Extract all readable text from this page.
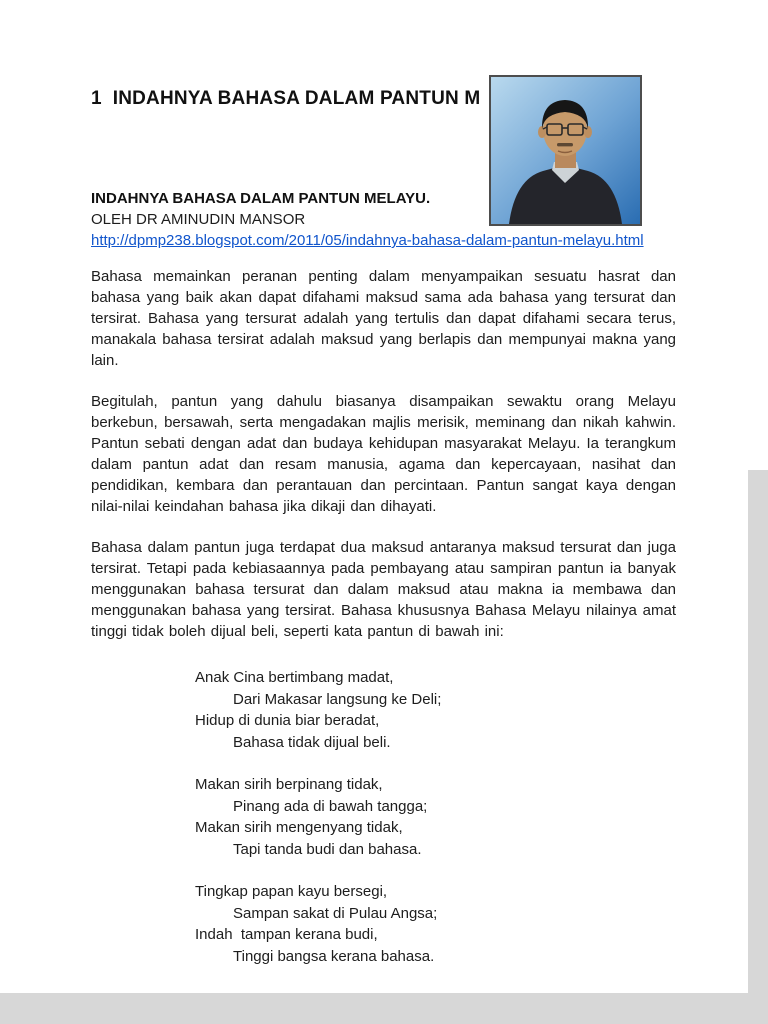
1  INDAHNYA BAHASA DALAM PANTUN M
INDAHNYA BAHASA DALAM PANTUN MELAYU.
OLEH DR AMINUDIN MANSOR
http://dpmp238.blogspot.com/2011/05/indahnya-bahasa-dalam-pantun-melayu.html

Bahasa memainkan peranan penting dalam menyampaikan sesuatu hasrat dan bahasa yang baik akan dapat difahami maksud sama ada bahasa yang tersurat dan tersirat. Bahasa yang tersurat adalah yang tertulis dan dapat difahami secara terus, manakala bahasa tersirat adalah maksud yang berlapis dan mempunyai makna yang lain.

Begitulah, pantun yang dahulu biasanya disampaikan sewaktu orang Melayu berkebun, bersawah, serta mengadakan majlis merisik, meminang dan nikah kahwin. Pantun sebati dengan adat dan budaya kehidupan masyarakat Melayu. Ia terangkum dalam pantun adat dan resam manusia, agama dan kepercayaan, nasihat dan pendidikan, kembara dan perantauan dan percintaan. Pantun sangat kaya dengan nilai-nilai keindahan bahasa jika dikaji dan dihayati.

Bahasa dalam pantun juga terdapat dua maksud antaranya maksud tersurat dan juga tersirat. Tetapi pada kebiasaannya pada pembayang atau sampiran pantun ia banyak menggunakan bahasa tersurat dan dalam maksud atau makna ia membawa dan menggunakan bahasa yang tersirat. Bahasa khususnya Bahasa Melayu nilainya amat tinggi tidak boleh dijual beli, seperti kata pantun di bawah ini:

Anak Cina bertimbang madat,
Dari Makasar langsung ke Deli;
Hidup di dunia biar beradat,
Bahasa tidak dijual beli.
Makan sirih berpinang tidak,
Pinang ada di bawah tangga;
Makan sirih mengenyang tidak,
Tapi tanda budi dan bahasa.
Tingkap papan kayu bersegi,
Sampan sakat di Pulau Angsa;
Indah  tampan kerana budi,
Tinggi bangsa kerana bahasa.
